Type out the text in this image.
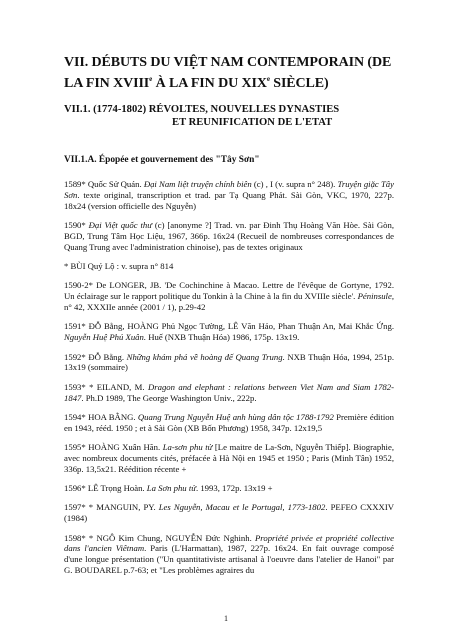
VII. DÉBUTS DU VIỆT NAM CONTEMPORAIN (DE LA FIN XVIIIe À LA FIN DU XIXe SIÈCLE)
VII.1. (1774-1802) RÉVOLTES, NOUVELLES DYNASTIES
ET REUNIFICATION DE L'ETAT
VII.1.A. Épopée et gouvernement des "Tây Sơn"

1589* Quốc Sử Quán. Đại Nam liệt truyện chính biên (c) , I (v. supra n° 248). Truyện giặc Tây Sơn. texte original, transcription et trad. par Tạ Quang Phát. Sài Gòn, VKC, 1970, 227p. 18x24 (version officielle des Nguyễn)

1590* Đại Việt quốc thư (c) [anonyme ?] Trad. vn. par Đinh Thụ Hoàng Văn Hòe. Sài Gòn, BGD, Trung Tâm Học Liệu, 1967, 366p. 16x24 (Recueil de nombreuses correspondances de Quang Trung avec l'administration chinoise), pas de textes originaux

* BÙI Quý Lộ : v. supra n° 814

1590-2* De LONGER, JB. 'De Cochinchine à Macao. Lettre de l'évêque de Gortyne, 1792. Un éclairage sur le rapport politique du Tonkin à la Chine à la fin du XVIIIe siècle'. Péninsule, n° 42, XXXIIe année (2001 / 1), p.29-42

1591* ĐỖ Bằng, HOÀNG Phủ Ngọc Tường, LÊ Văn Hảo, Phan Thuận An, Mai Khắc Ứng. Nguyễn Huệ Phú Xuân. Huế (NXB Thuận Hóa) 1986, 175p. 13x19.

1592* ĐỖ Bằng. Những khám phá về hoàng đế Quang Trung. NXB Thuận Hóa, 1994, 251p. 13x19 (sommaire)

1593* * EILAND, M. Dragon and elephant : relations between Viet Nam and Siam 1782-1847. Ph.D 1989, The George Washington Univ., 222p.

1594* HOA BẰNG. Quang Trung Nguyễn Huệ anh hùng dân tộc 1788-1792 Première édition en 1943, rééd. 1950 ; et à Sài Gòn (XB Bốn Phương) 1958, 347p. 12x19,5

1595* HOÀNG Xuân Hãn. La-sơn phu tử [Le maitre de La-Sơn, Nguyễn Thiếp]. Biographie, avec nombreux documents cités, préfacée à Hà Nội en 1945 et 1950 ; Paris (Minh Tân) 1952, 336p. 13,5x21. Réédition récente +

1596* LÊ Trọng Hoàn. La Sơn phu tử. 1993, 172p. 13x19 +

1597* * MANGUIN, PY. Les Nguyễn, Macau et le Portugal, 1773-1802. PEFEO CXXXIV (1984)

1598* * NGÔ Kim Chung, NGUYỄN Đức Nghinh. Propriété privée et propriété collective dans l'ancien Viêtnam. Paris (L'Harmattan), 1987, 227p. 16x24. En fait ouvrage composé d'une longue présentation ("Un quantitativiste artisanal à l'oeuvre dans l'atelier de Hanoi" par G. BOUDAREL p.7-63; et "Les problèmes agraires du

1
